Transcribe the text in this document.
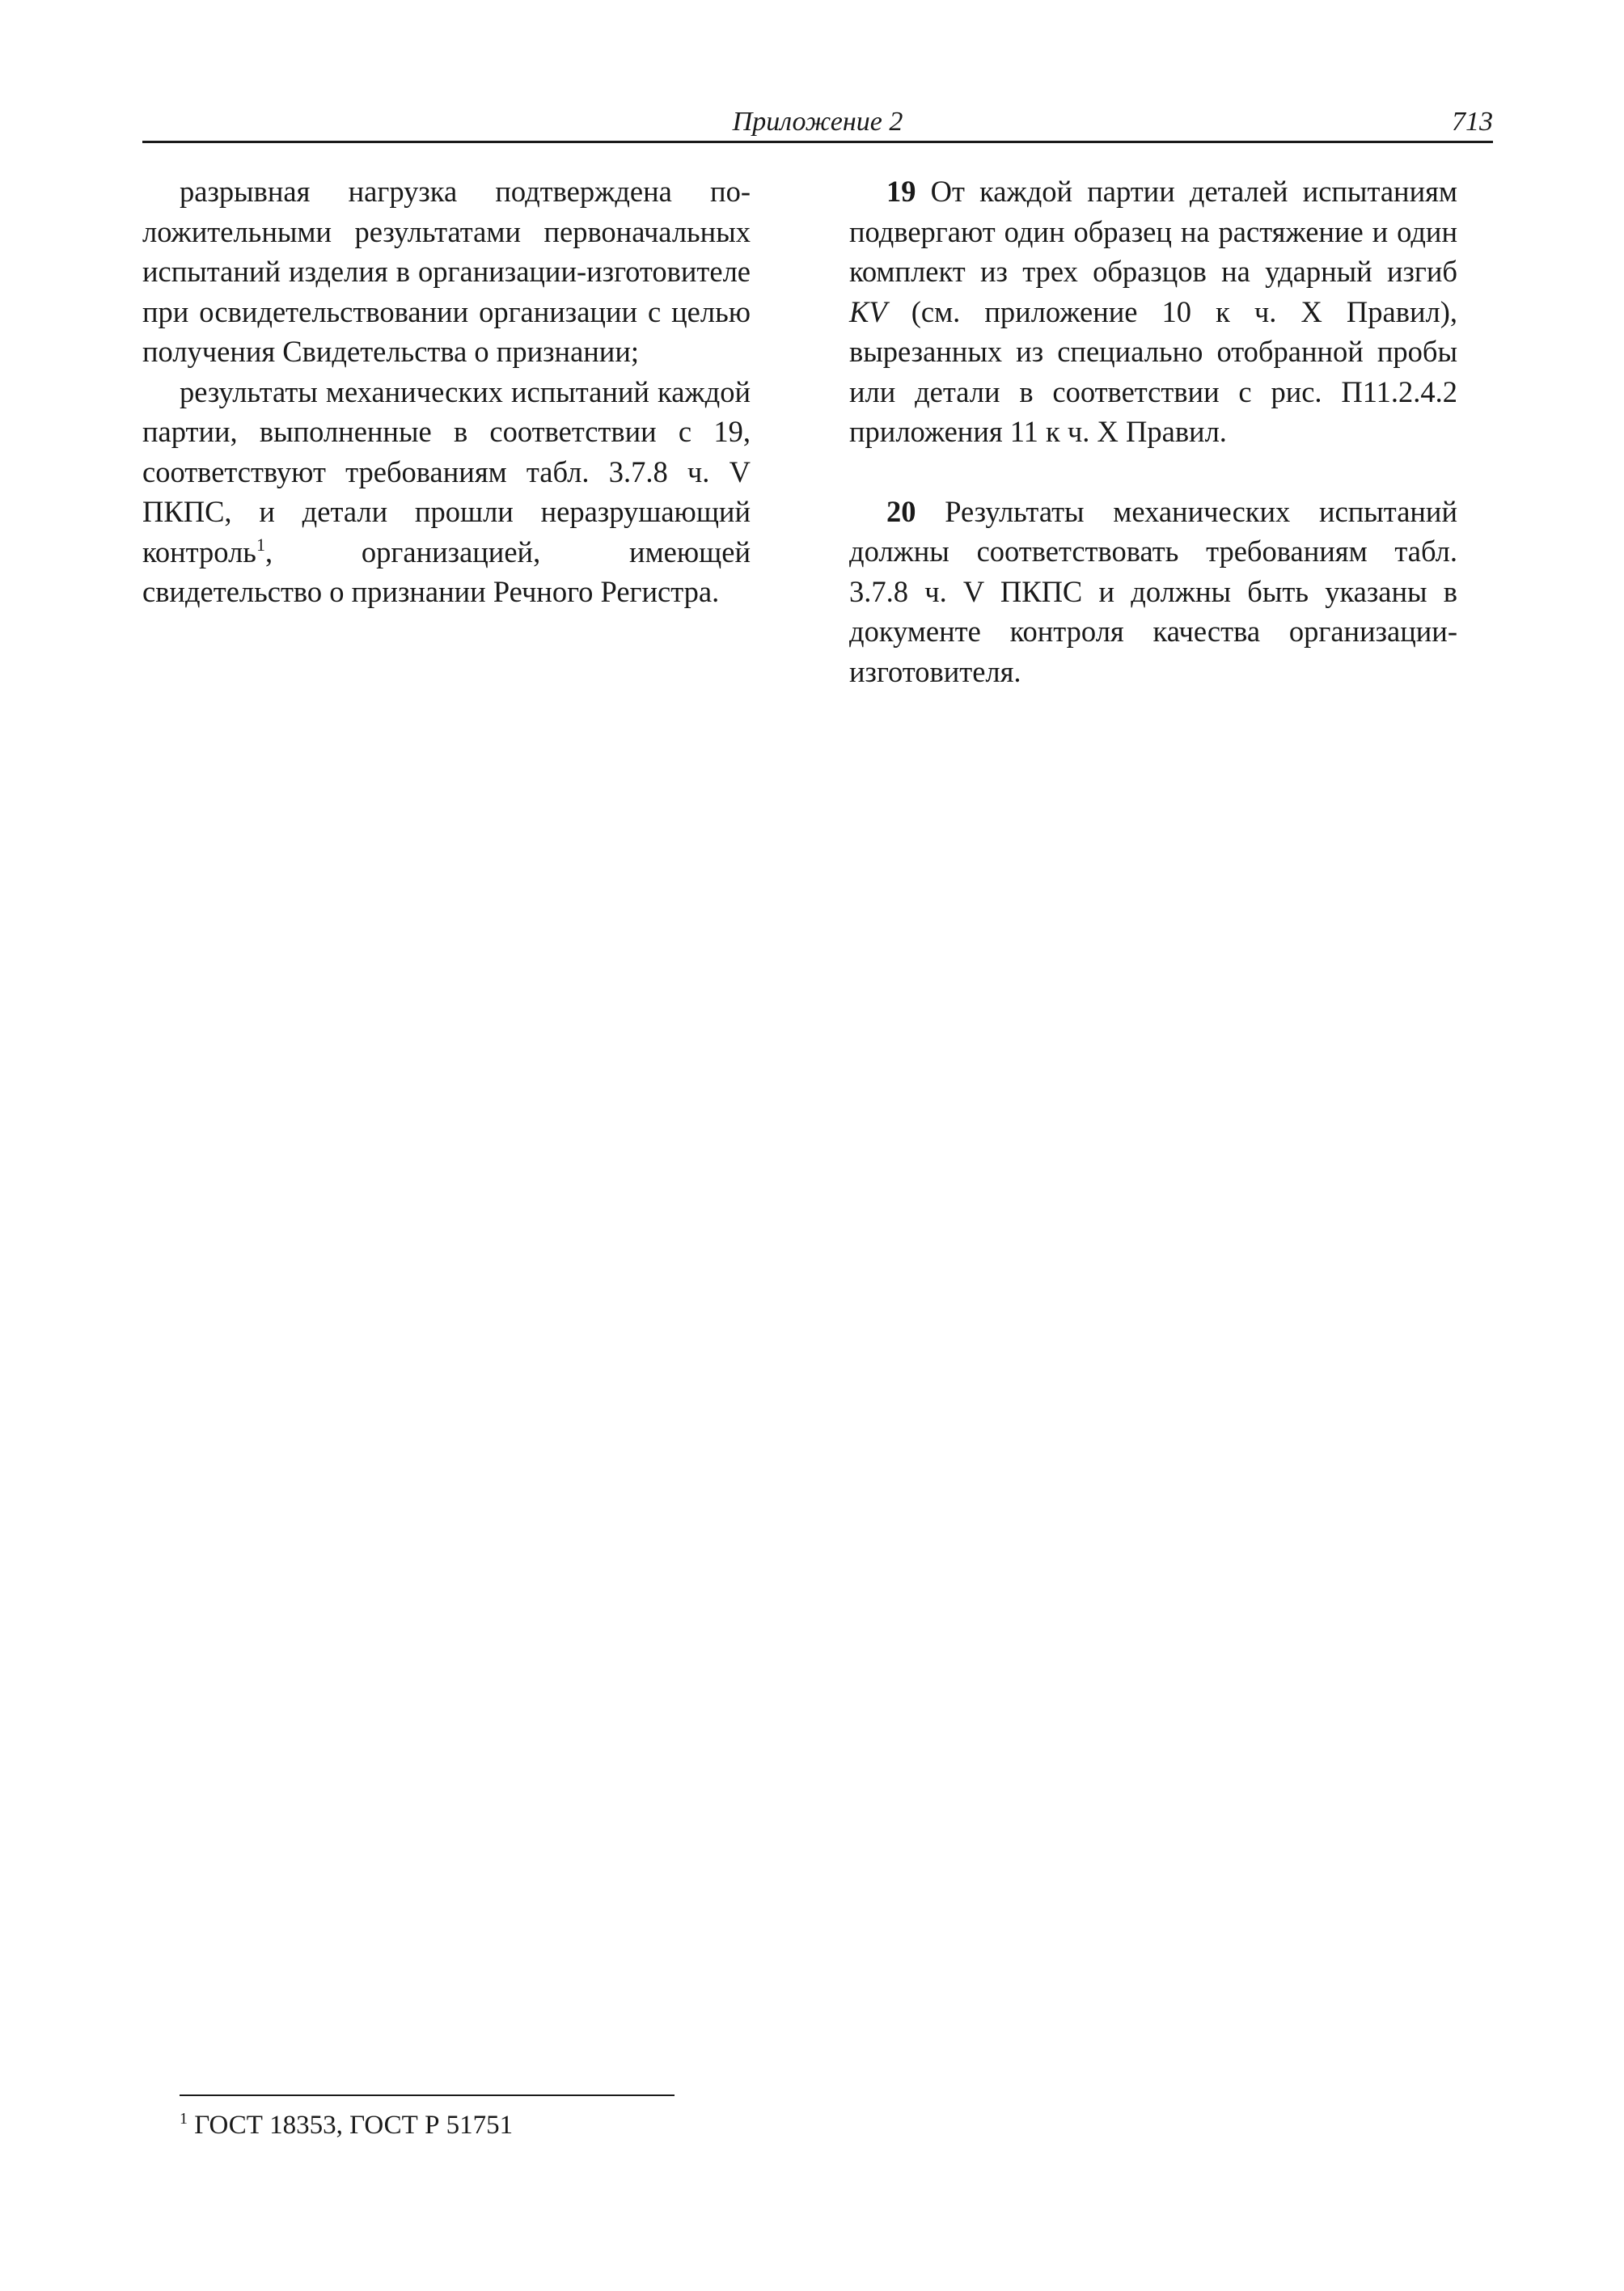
Приложение 2	713

разрывная нагрузка подтверждена положительными результатами первоначальных испытаний изделия в организации-изготовителе при освидетельствовании организации с целью получения Свидетельства о признании;

результаты механических испытаний каждой партии, выполненные в соответствии с 19, соответствуют требованиям табл. 3.7.8 ч. V ПКПС, и детали прошли неразрушающий контроль$^1$, организацией, имеющей свидетельство о признании Речного Регистра.

19 От каждой партии деталей испытаниям подвергают один образец на растяжение и один комплект из трех образцов на ударный изгиб KV (см. приложение 10 к ч. X Правил), вырезанных из специально отобранной пробы или детали в соответствии с рис. П11.2.4.2 приложения 11 к ч. X Правил.

20 Результаты механических испытаний должны соответствовать требованиям табл. 3.7.8 ч. V ПКПС и должны быть указаны в документе контроля качества организации-изготовителя.

$^1$ ГОСТ 18353, ГОСТ Р 51751
